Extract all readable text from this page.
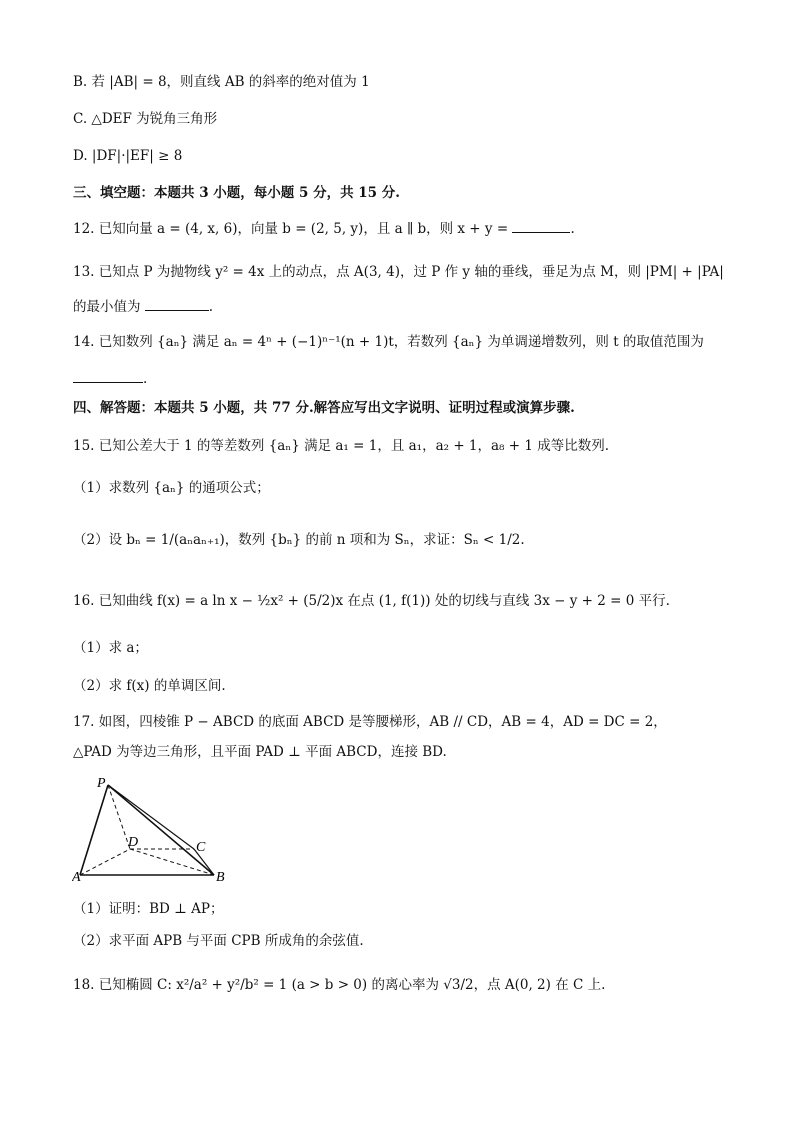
B. 若 |AB| = 8，则直线 AB 的斜率的绝对值为 1
C. △DEF 为锐角三角形
D. |DF|·|EF| ≥ 8
三、填空题：本题共 3 小题，每小题 5 分，共 15 分.
12. 已知向量 a = (4, x, 6)，向量 b = (2, 5, y)，且 a ∥ b，则 x + y =	.
13. 已知点 P 为抛物线 y² = 4x 上的动点，点 A(3, 4)，过 P 作 y 轴的垂线，垂足为点 M，则 |PM| + |PA|
的最小值为	.
14. 已知数列 {aₙ} 满足 aₙ = 4ⁿ + (−1)ⁿ⁻¹(n + 1)t，若数列 {aₙ} 为单调递增数列，则 t 的取值范围为
.
四、解答题：本题共 5 小题，共 77 分.解答应写出文字说明、证明过程或演算步骤.
15. 已知公差大于 1 的等差数列 {aₙ} 满足 a₁ = 1，且 a₁，a₂ + 1，a₈ + 1 成等比数列.
（1）求数列 {aₙ} 的通项公式；
（2）设 bₙ = 1/(aₙaₙ₊₁)，数列 {bₙ} 的前 n 项和为 Sₙ，求证：Sₙ < 1/2.
16. 已知曲线 f(x) = a ln x − ½x² + (5/2)x 在点 (1, f(1)) 处的切线与直线 3x − y + 2 = 0 平行.
（1）求 a；
（2）求 f(x) 的单调区间.
17. 如图，四棱锥 P − ABCD 的底面 ABCD 是等腰梯形，AB // CD，AB = 4，AD = DC = 2，
△PAD 为等边三角形，且平面 PAD ⊥ 平面 ABCD，连接 BD.
P
D	C
A	B
（1）证明：BD ⊥ AP；
（2）求平面 APB 与平面 CPB 所成角的余弦值.
18. 已知椭圆 C: x²/a² + y²/b² = 1 (a > b > 0) 的离心率为 √3/2，点 A(0, 2) 在 C 上.
